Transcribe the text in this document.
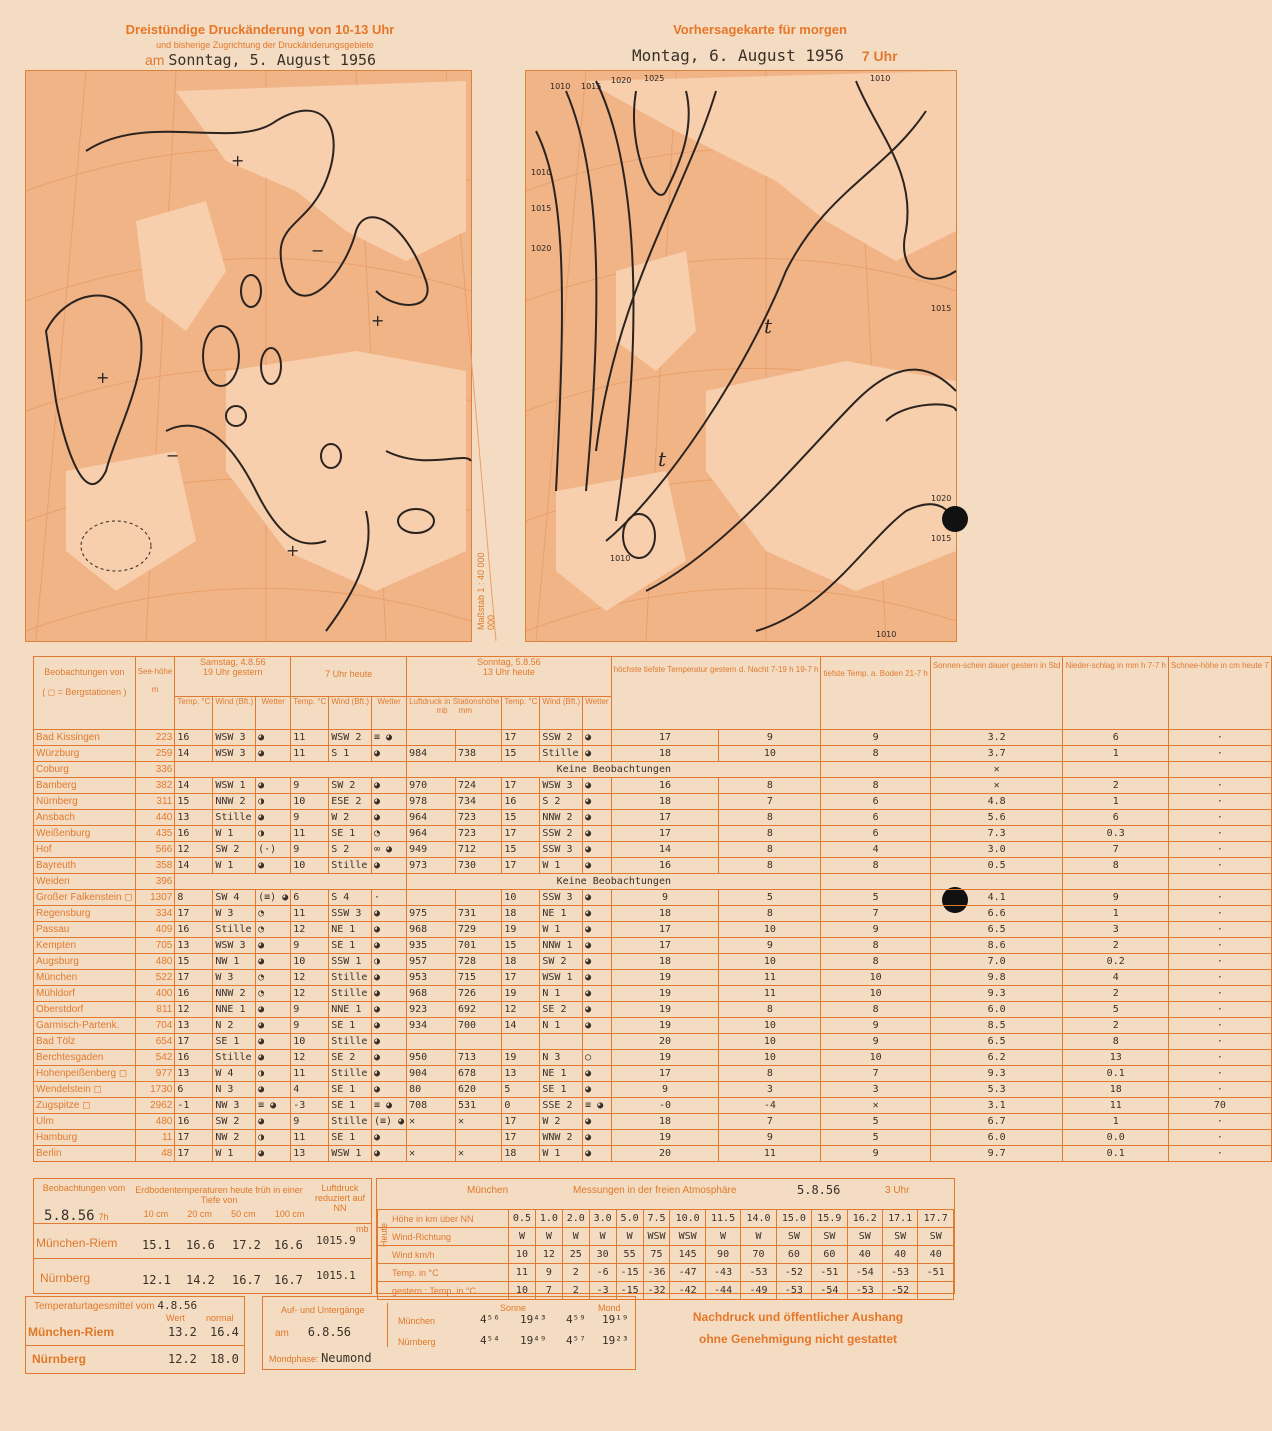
Dreistündige Druckänderung von 10-13 Uhr
und bisherige Zugrichtung der Druckänderungsgebiete
am Sonntag, 5. August 1956
Vorhersagekarte für morgen
Montag, 6. August 1956 7 Uhr
+
+
+
−
+
−
Maßstab 1 : 40 000 000
1010 1015
1020 1025
1010
1015
1020
1010
1015
1020
1015
1010
1010
t
t
Beobachtungen von

( ◻ = Bergstationen )	See-höhe

m	Samstag, 4.8.56
19 Uhr gestern			7 Uhr heute			Sonntag, 5.8.56
13 Uhr heute					höchste tiefste Temperatur gestern d. Nacht 7-19 h 19-7 h		tiefste Temp. a. Boden 21-7 h	Sonnen-schein dauer gestern in Std	Nieder-schlag in mm h 7-7 h	Schnee-höhe in cm heute 7
		Temp. °C	Wind (Bft.)	Wetter	Temp. °C	Wind (Bft.)	Wetter	Luftdruck in Stationshöhe
mb mm		Temp. °C	Wind (Bft.)	Wetter						
Bad Kissingen	223	16	WSW 3	◕	11	WSW 2	≡ ◕			17	SSW 2	◕	17	9	9	3.2	6	·
Würzburg	259	14	WSW 3	◕	11	S 1	◕	984	738	15	Stille	◕	18	10	8	3.7	1	·
Coburg	336							Keine Beobachtungen								✕		
Bamberg	382	14	WSW 1	◕	9	SW 2	◕	970	724	17	WSW 3	◕	16	8	8	✕	2	·
Nürnberg	311	15	NNW 2	◑	10	ESE 2	◕	978	734	16	S 2	◕	18	7	6	4.8	1	·
Ansbach	440	13	Stille	◕	9	W 2	◕	964	723	15	NNW 2	◕	17	8	6	5.6	6	·
Weißenburg	435	16	W 1	◑	11	SE 1	◔	964	723	17	SSW 2	◕	17	8	6	7.3	0.3	·
Hof	566	12	SW 2	(·)	9	S 2	∞ ◕	949	712	15	SSW 3	◕	14	8	4	3.0	7	·
Bayreuth	358	14	W 1	◕	10	Stille	◕	973	730	17	W 1	◕	16	8	8	0.5	8	·
Weiden	396							Keine Beobachtungen										
Großer Falkenstein ◻	1307	8	SW 4	(≡) ◕	6	S 4	·			10	SSW 3	◕	9	5	5	4.1	9	·
Regensburg	334	17	W 3	◔	11	SSW 3	◕	975	731	18	NE 1	◕	18	8	7	6.6	1	·
Passau	409	16	Stille	◔	12	NE 1	◕	968	729	19	W 1	◕	17	10	9	6.5	3	·
Kempten	705	13	WSW 3	◕	9	SE 1	◕	935	701	15	NNW 1	◕	17	9	8	8.6	2	·
Augsburg	480	15	NW 1	◕	10	SSW 1	◑	957	728	18	SW 2	◕	18	10	8	7.0	0.2	·
München	522	17	W 3	◔	12	Stille	◕	953	715	17	WSW 1	◕	19	11	10	9.8	4	·
Mühldorf	400	16	NNW 2	◔	12	Stille	◕	968	726	19	N 1	◕	19	11	10	9.3	2	·
Oberstdorf	811	12	NNE 1	◕	9	NNE 1	◕	923	692	12	SE 2	◕	19	8	8	6.0	5	·
Garmisch-Partenk.	704	13	N 2	◕	9	SE 1	◕	934	700	14	N 1	◕	19	10	9	8.5	2	·
Bad Tölz	654	17	SE 1	◕	10	Stille	◕						20	10	9	6.5	8	·
Berchtesgaden	542	16	Stille	◕	12	SE 2	◕	950	713	19	N 3	○	19	10	10	6.2	13	·
Hohenpeißenberg ◻	977	13	W 4	◑	11	Stille	◕	904	678	13	NE 1	◕	17	8	7	9.3	0.1	·
Wendelstein ◻	1730	6	N 3	◕	4	SE 1	◕	80	620	5	SE 1	◕	9	3	3	5.3	18	·
Zugspitze ◻	2962	-1	NW 3	≡ ◕	-3	SE 1	≡ ◕	708	531	0	SSE 2	≡ ◕	-0	-4	✕	3.1	11	70
Ulm	480	16	SW 2	◕	9	Stille	(≡) ◕	✕	✕	17	W 2	◕	18	7	5	6.7	1	·
Hamburg	11	17	NW 2	◑	11	SE 1	◕			17	WNW 2	◕	19	9	5	6.0	0.0	·
Berlin	48	17	W 1	◕	13	WSW 1	◕	✕	✕	18	W 1	◕	20	11	9	9.7	0.1	·
Beobachtungen vom
5.8.56 7h
Erdbodentemperaturen heute früh in einer Tiefe von
10 cm 20 cm 50 cm 100 cm
Luftdruck reduziert auf NN
München-Riem 15.1 16.6 17.2 16.6 1015.9
mb
Nürnberg	12.1 14.2 16.7 16.7 1015.1
München	Messungen in der freien Atmosphäre	5.8.56	3 Uhr
Heute
Höhe in km über NN	0.5	1.0	2.0	3.0	5.0	7.5	10.0	11.5	14.0	15.0	15.9	16.2	17.1	17.7
Wind-Richtung	W	W	W	W	W	WSW	WSW	W	W	SW	SW	SW	SW	SW
Wind km/h	10	12	25	30	55	75	145	90	70	60	60	40	40	40
Temp. in °C	11	9	2	-6	-15	-36	-47	-43	-53	-52	-51	-54	-53	-51
gestern : Temp. in °C	10	7	2	-3	-15	-32	-42	-44	-49	-53	-54	-53	-52	
Temperaturtagesmittel vom 4.8.56
Wert normal
München-Riem	13.2 16.4
Nürnberg	12.2 18.0
Auf- und Untergänge
am 6.8.56
Sonne	Mond
München	4⁵⁶ 19⁴³ 4⁵⁹ 19¹⁹
Nürnberg	4⁵⁴ 19⁴⁹ 4⁵⁷ 19²³
Mondphase: Neumond
Nachdruck und öffentlicher Aushang
ohne Genehmigung nicht gestattet
